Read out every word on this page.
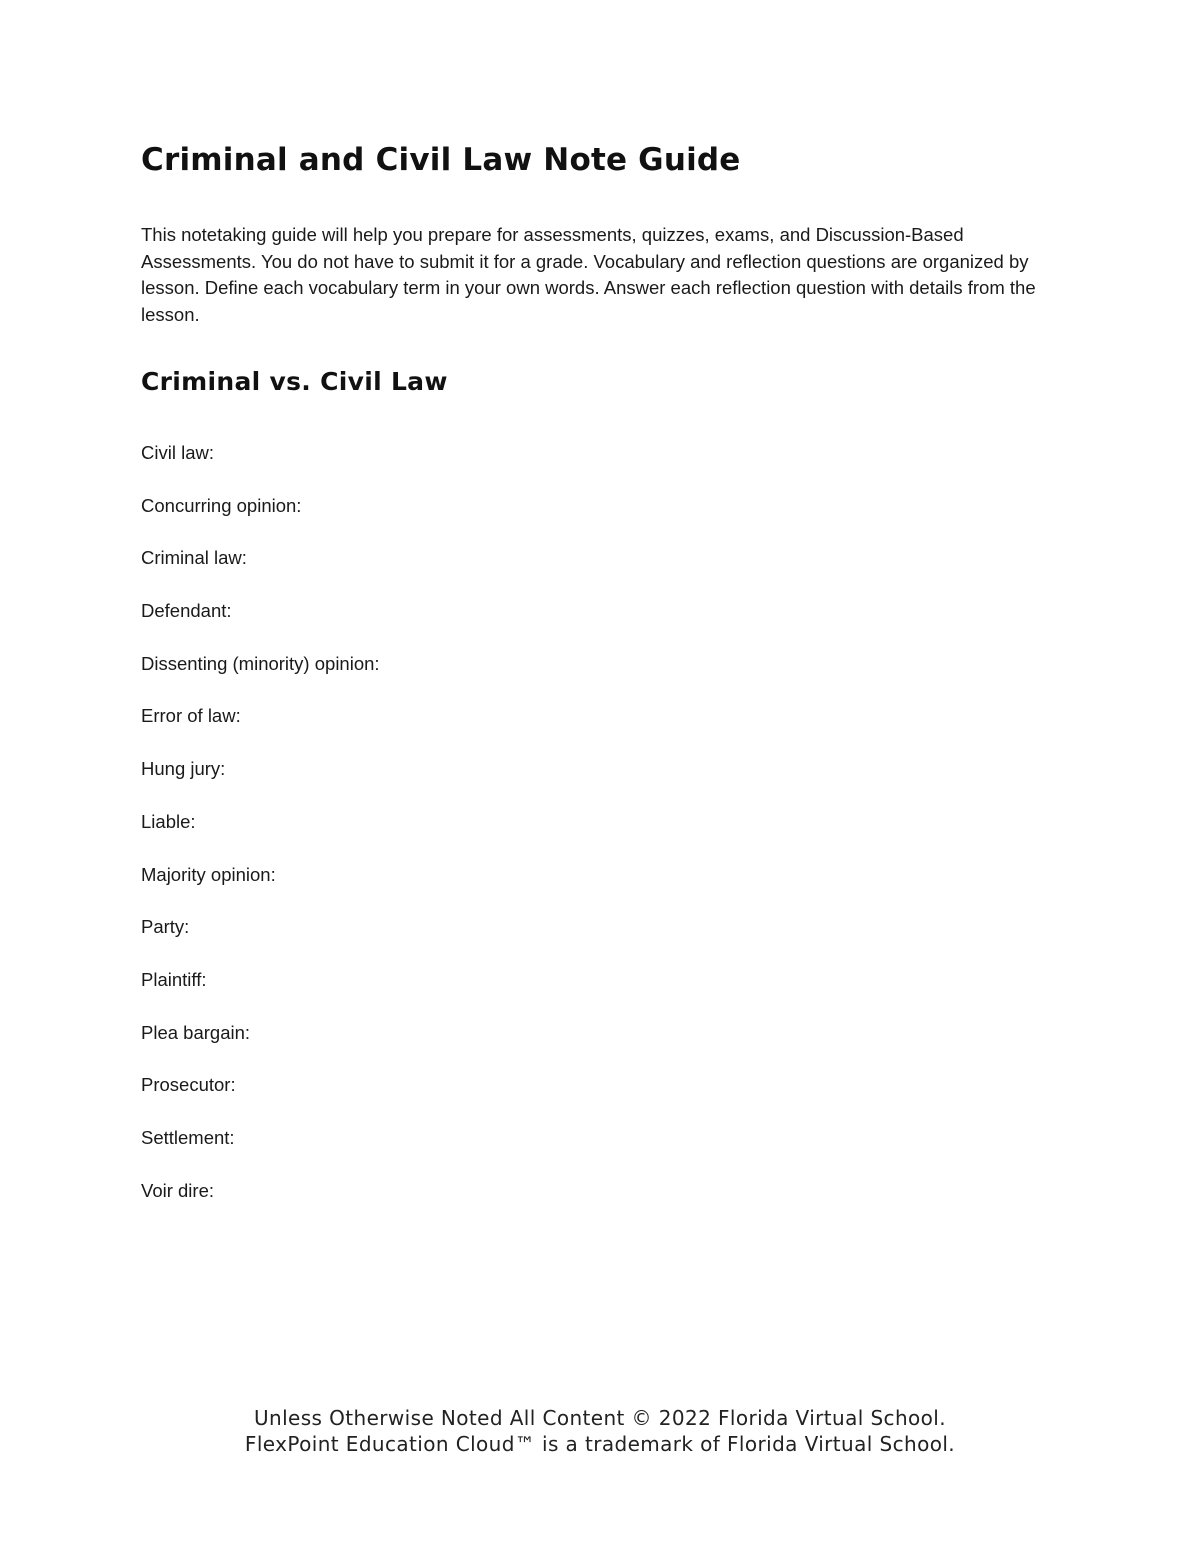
Criminal and Civil Law Note Guide

This notetaking guide will help you prepare for assessments, quizzes, exams, and Discussion-Based Assessments. You do not have to submit it for a grade. Vocabulary and reflection questions are organized by lesson. Define each vocabulary term in your own words. Answer each reflection question with details from the lesson.

Criminal vs. Civil Law
Civil law:
Concurring opinion:
Criminal law:
Defendant:
Dissenting (minority) opinion:
Error of law:
Hung jury:
Liable:
Majority opinion:
Party:
Plaintiff:
Plea bargain:
Prosecutor:
Settlement:
Voir dire:
Unless Otherwise Noted All Content © 2022 Florida Virtual School.
FlexPoint Education Cloud™ is a trademark of Florida Virtual School.
